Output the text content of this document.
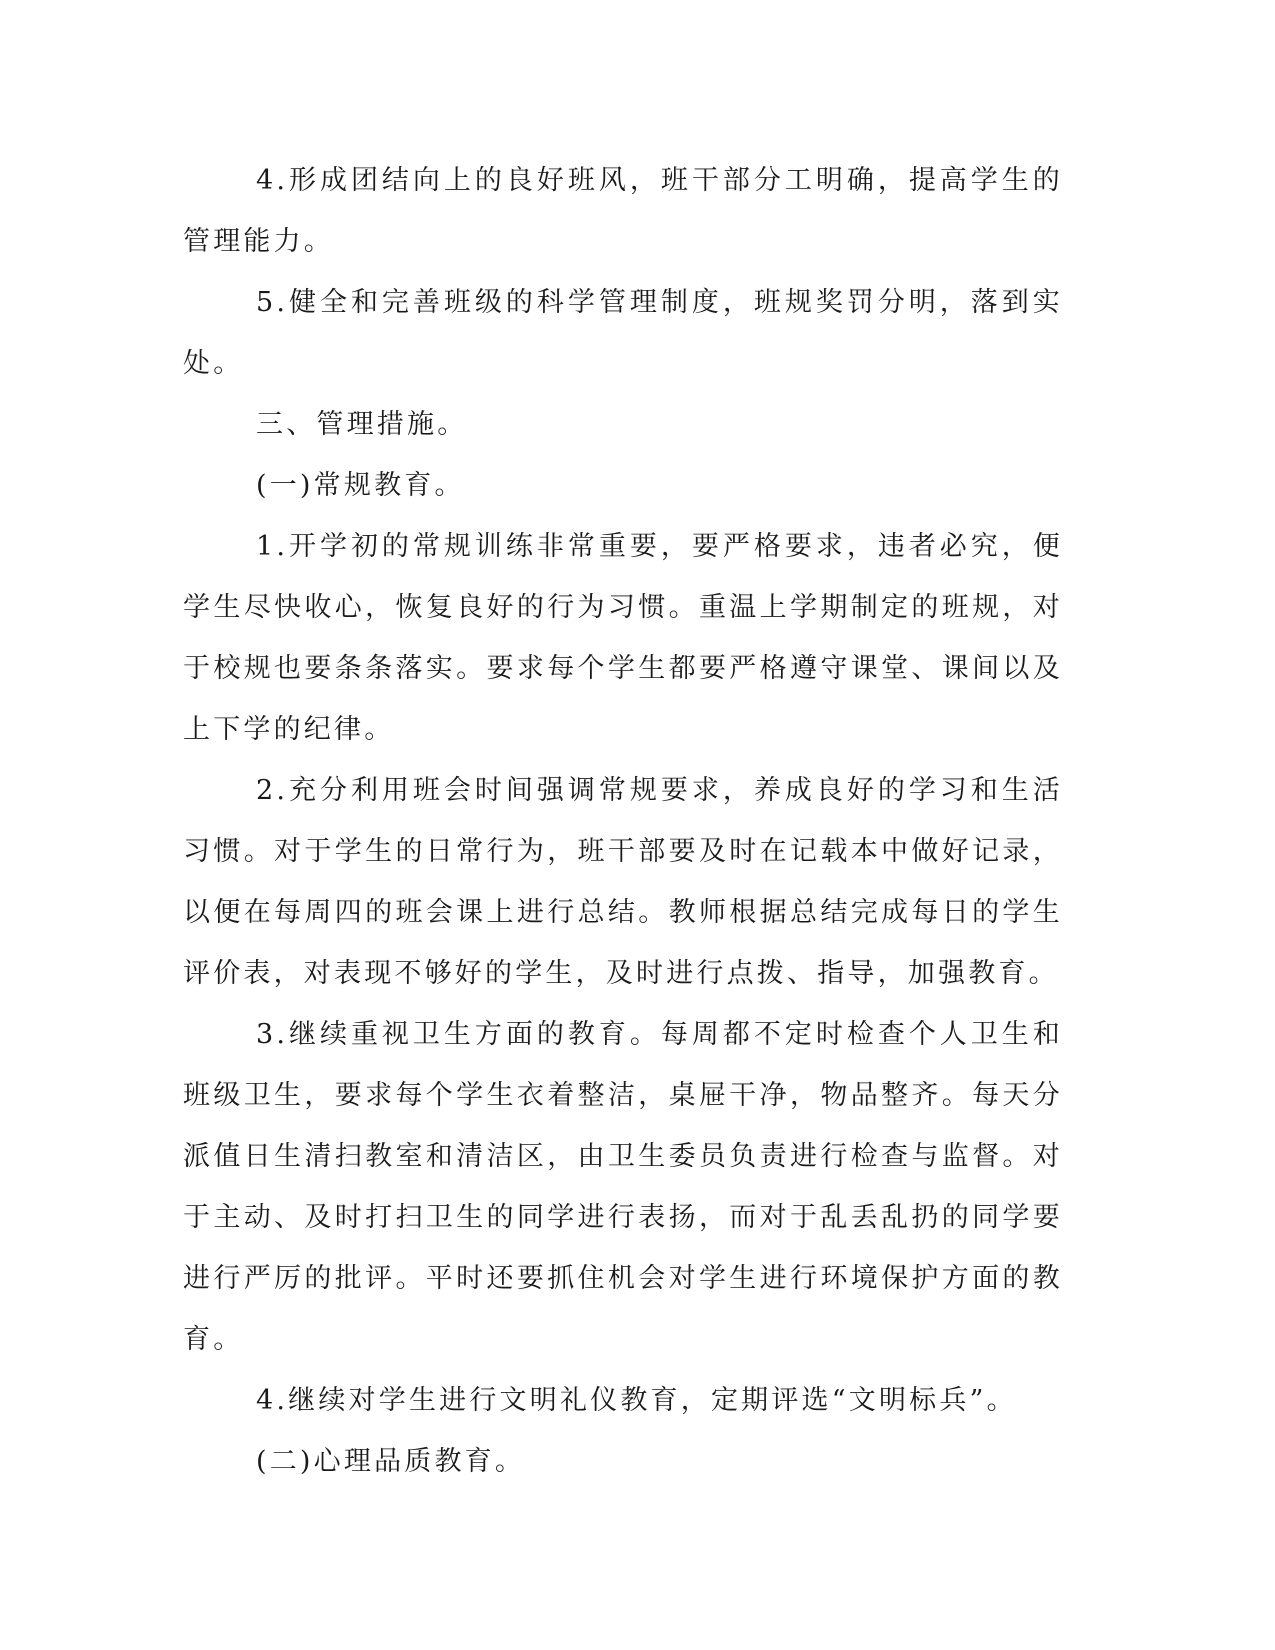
4.形成团结向上的良好班风，班干部分工明确，提高学生的管理能力。

5.健全和完善班级的科学管理制度，班规奖罚分明，落到实处。

三、管理措施。

(一)常规教育。

1.开学初的常规训练非常重要，要严格要求，违者必究，便学生尽快收心，恢复良好的行为习惯。重温上学期制定的班规，对于校规也要条条落实。要求每个学生都要严格遵守课堂、课间以及上下学的纪律。

2.充分利用班会时间强调常规要求，养成良好的学习和生活习惯。对于学生的日常行为，班干部要及时在记载本中做好记录，以便在每周四的班会课上进行总结。教师根据总结完成每日的学生评价表，对表现不够好的学生，及时进行点拨、指导，加强教育。

3.继续重视卫生方面的教育。每周都不定时检查个人卫生和班级卫生，要求每个学生衣着整洁，桌屉干净，物品整齐。每天分派值日生清扫教室和清洁区，由卫生委员负责进行检查与监督。对于主动、及时打扫卫生的同学进行表扬，而对于乱丢乱扔的同学要进行严厉的批评。平时还要抓住机会对学生进行环境保护方面的教育。

4.继续对学生进行文明礼仪教育，定期评选“文明标兵”。

(二)心理品质教育。
